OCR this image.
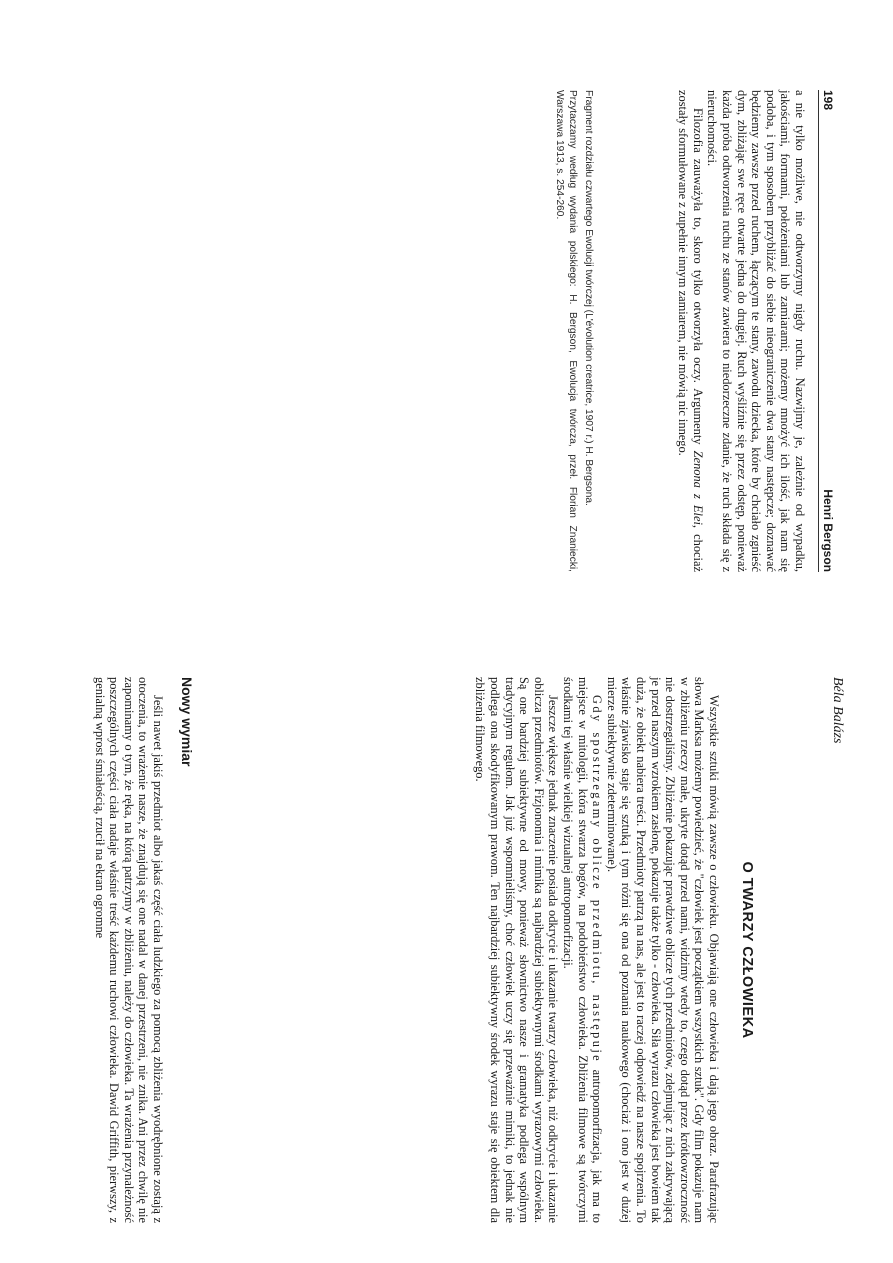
198
Henri Bergson

a nie tylko możliwe, nie odtworzymy nigdy ruchu. Nazwijmy je, zależnie od wypadku, jakościami, formami, położeniami lub zamiarami; możemy mnożyć ich ilość, jak nam się podoba, i tym sposobem przybliżać do siebie nieograniczenie dwa stany następcze; doznawać będziemy zawsze przed ruchem, łączącym te stany, zawodu dziecka, które by chciało zgnieść dym, zbliżając swe ręce otwarte jedna do drugiej. Ruch wyśliźnie się przez odstęp, ponieważ każda próba odtworzenia ruchu ze stanów zawiera to niedorzeczne zdanie, że ruch składa się z nieruchomości.

Filozofia zauważyła to, skoro tylko otworzyła oczy. Argumenty Zenona z Elei, chociaż zostały sformułowane z zupełnie innym zamiarem, nie mówią nic innego.

Fragment rozdziału czwartego Ewolucji twórczej (L'évolution creatrice, 1907 r.) H. Bergsona.

Przytaczamy według wydania polskiego: H. Bergson, Ewolucja twórcza, przeł. Florian Znaniecki, Warszawa 1913, s. 254-260.

Béla Balázs
O TWARZY CZŁOWIEKA

Wszystkie sztuki mówią zawsze o człowieku. Objawiają one człowieka i dają jego obraz. Parafrazując słowa Marksa możemy powiedzieć, że "człowiek jest początkiem wszystkich sztuk". Gdy film pokazuje nam w zbliżeniu rzeczy małe, ukryte dotąd przed nami, widzimy wtedy to, czego dotąd przez krótkowzroczność nie dostrzegaliśmy. Zbliżenie pokazując prawdziwe oblicze tych przedmiotów, zdejmując z nich zakrywającą je przed naszym wzrokiem zasłonę, pokazuje także tylko - człowieka. Siła wyrazu człowieka jest bowiem tak duża, że obiekt nabiera treści. Przedmioty patrzą na nas, ale jest to raczej odpowiedź na nasze spojrzenia. To właśnie zjawisko staje się sztuką i tym różni się ona od poznania naukowego (chociaż i ono jest w dużej mierze subiektywnie zdeterminowane).

Gdy spostrzegamy oblicze przedmiotu, następuje antropomorfizacja, jak ma to miejsce w mitologii, która stwarza bogów, na podobieństwo człowieka. Zbliżenia filmowe są twórczymi środkami tej właśnie wielkiej wizualnej antropomorfizacji.

Jeszcze większe jednak znaczenie posiada odkrycie i ukazanie twarzy człowieka, niż odkrycie i ukazanie oblicza przedmiotów. Fizjonomia i mimika są najbardziej subiektywnymi środkami wyrazowymi człowieka. Są one bardziej subiektywne od mowy, ponieważ słownictwo nasze i gramatyka podlega wspólnym tradycyjnym regułom. Jak już wspomnieliśmy, choć człowiek uczy się przeważnie mimiki, to jednak nie podlega ona skodyfikowanym prawom. Ten najbardziej subiektywny środek wyrazu staje się obiektem dla zbliżenia filmowego.

Nowy wymiar

Jeśli nawet jakiś przedmiot albo jakaś część ciała ludzkiego za pomocą zbliżenia wyodrębnione zostają z otoczenia, to wrażenie nasze, że znajdują się one nadal w danej przestrzeni, nie znika. Ani przez chwilę nie zapominamy o tym, że ręka, na którą patrzymy w zbliżeniu, należy do człowieka. Ta wrażenia przynależność poszczególnych części ciała nadaje właśnie treść każdemu ruchowi człowieka. Dawid Griffith, pierwszy, z genialną wprost śmiałością, rzucił na ekran ogromne
